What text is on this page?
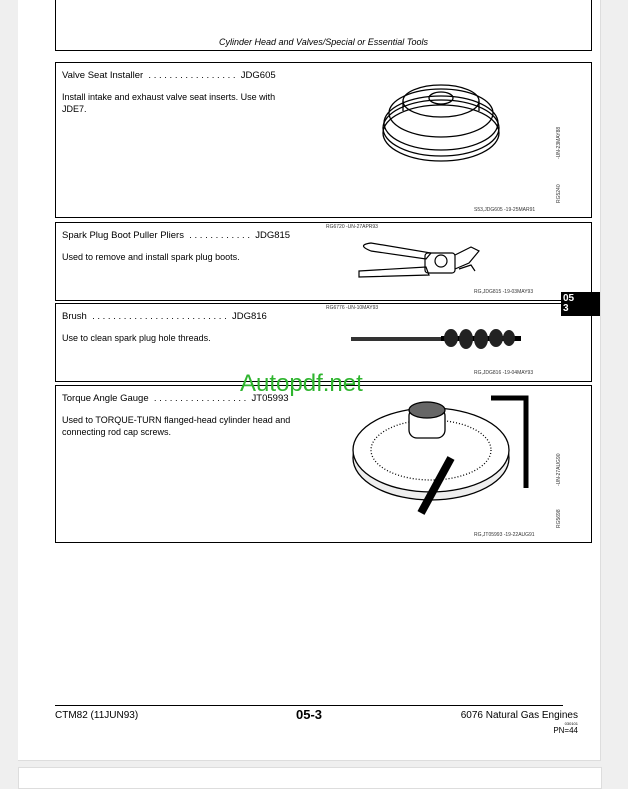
Cylinder Head and Valves/Special or Essential Tools
Valve Seat Installer  . . . . . . . . . . . . . . . . .  JDG605
Install intake and exhaust valve seat inserts. Use with JDE7.
-UN-23MAY88
RG5240
S53,JDG605 -19-25MAR91
Spark Plug Boot Puller Pliers  . . . . . . . . . . . .  JDG815
Used to remove and install spark plug boots.
RG6720 -UN-27APR93
RG,JDG815 -19-03MAY93
Brush  . . . . . . . . . . . . . . . . . . . . . . . . . .  JDG816
Use to clean spark plug hole threads.
RG6776 -UN-10MAY93
RG,JDG816 -19-04MAY93
05
3
Torque Angle Gauge  . . . . . . . . . . . . . . . . . .  JT05993
Used to TORQUE-TURN flanged-head cylinder head and connecting rod cap screws.
-UN-27AUG90
RG5698
RG,JT05993 -19-22AUG91
Autopdf.net
CTM82 (11JUN93)	05-3	6076 Natural Gas Engines
030101
PN=44
